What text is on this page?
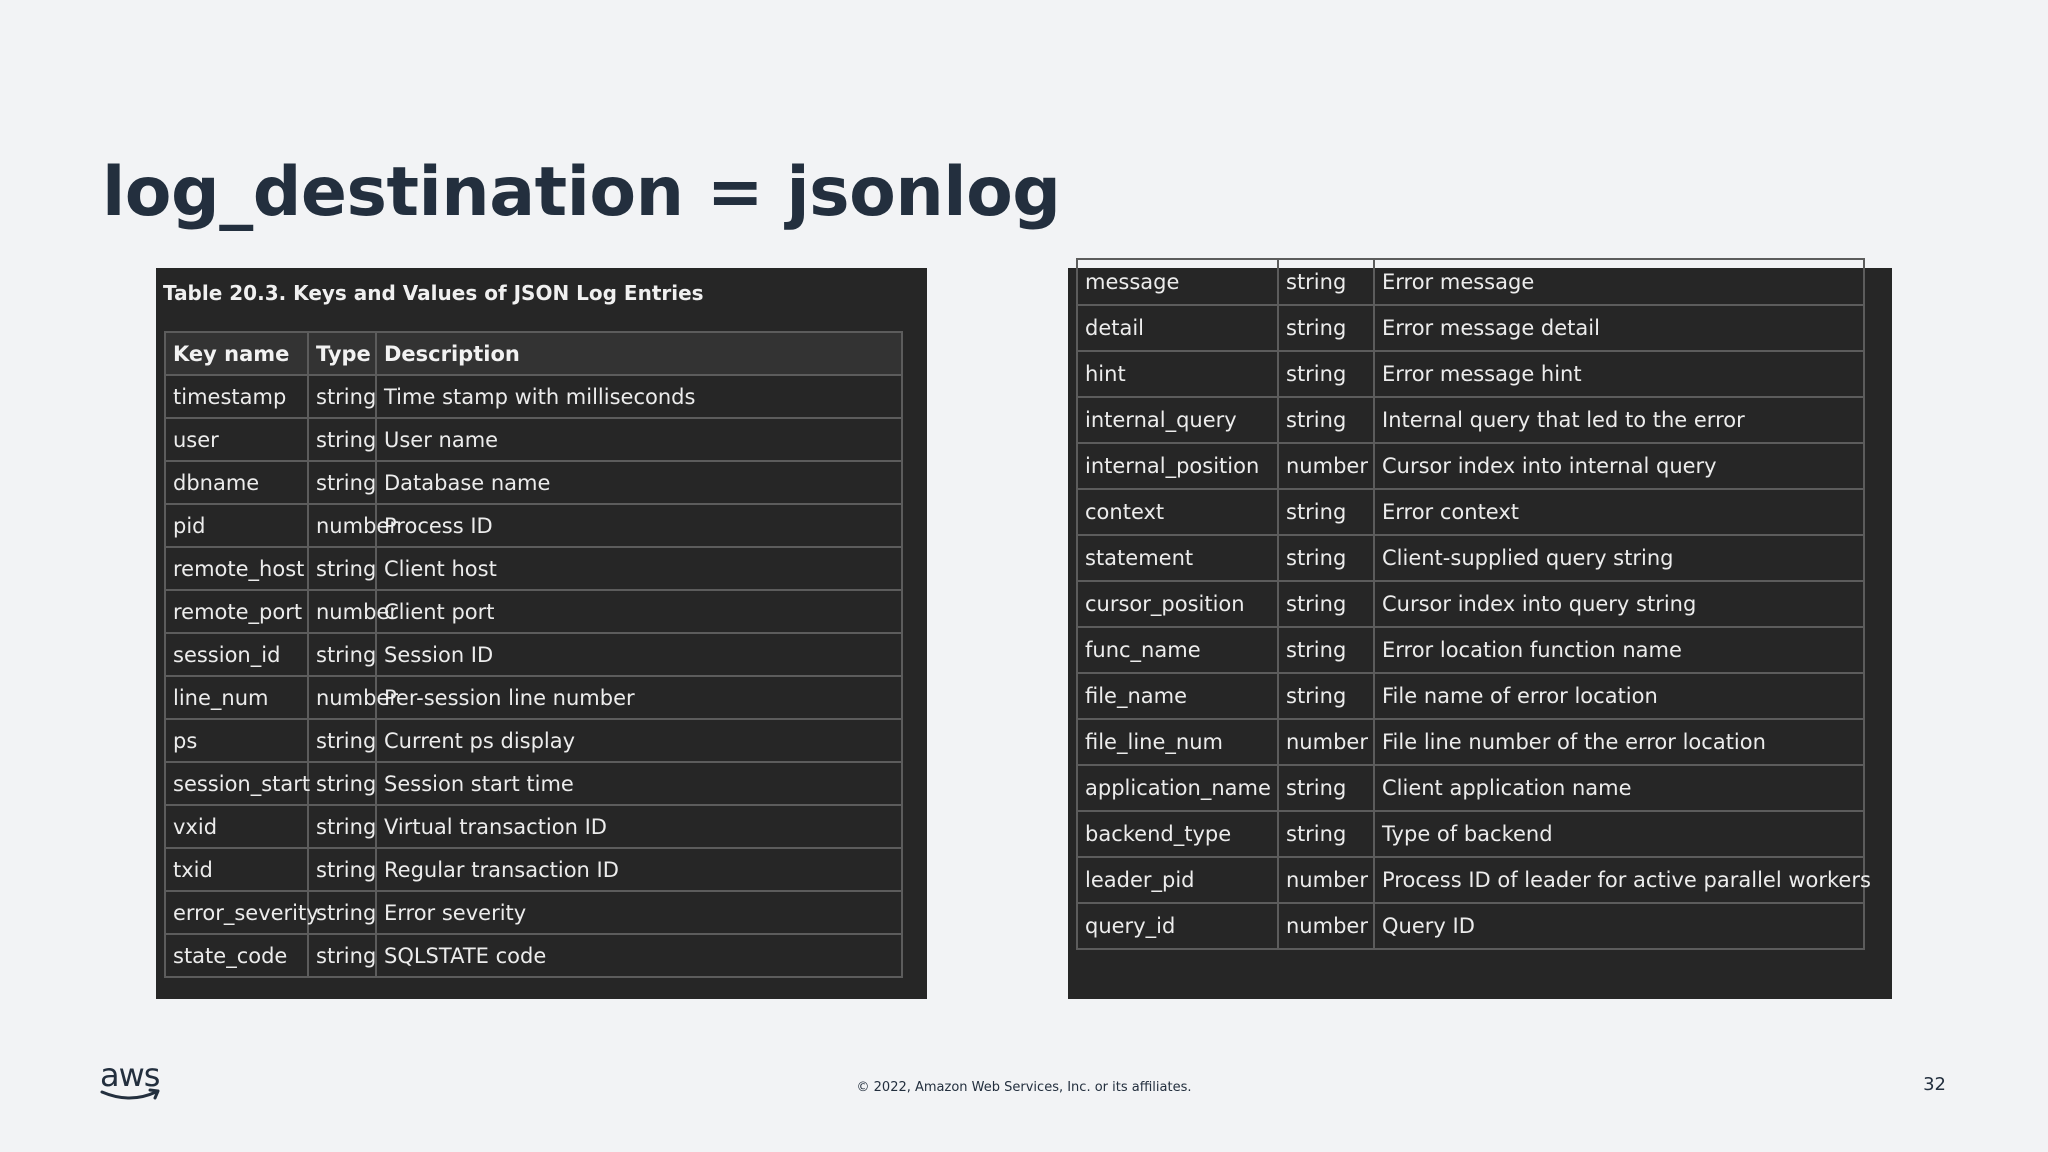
log_destination = jsonlog
Table 20.3. Keys and Values of JSON Log Entries
Key name	Type	Description
timestamp	string	Time stamp with milliseconds
user	string	User name
dbname	string	Database name
pid	number	Process ID
remote_host	string	Client host
remote_port	number	Client port
session_id	string	Session ID
line_num	number	Per-session line number
ps	string	Current ps display
session_start	string	Session start time
vxid	string	Virtual transaction ID
txid	string	Regular transaction ID
error_severity	string	Error severity
state_code	string	SQLSTATE code
message	string	Error message
detail	string	Error message detail
hint	string	Error message hint
internal_query	string	Internal query that led to the error
internal_position	number	Cursor index into internal query
context	string	Error context
statement	string	Client-supplied query string
cursor_position	string	Cursor index into query string
func_name	string	Error location function name
file_name	string	File name of error location
file_line_num	number	File line number of the error location
application_name	string	Client application name
backend_type	string	Type of backend
leader_pid	number	Process ID of leader for active parallel workers
query_id	number	Query ID
aws	© 2022, Amazon Web Services, Inc. or its affiliates.	32
